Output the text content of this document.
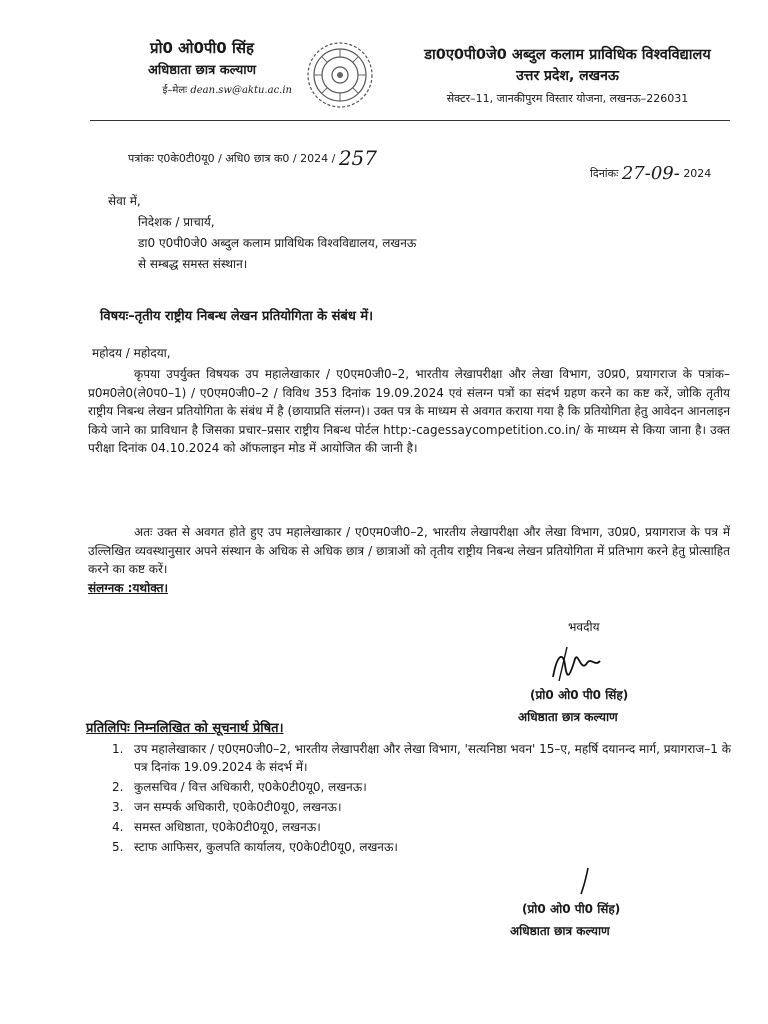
प्रो0 ओ0पी0 सिंह
अधिष्ठाता छात्र कल्याण
ई–मेलः dean.sw@aktu.ac.in
डा0ए0पी0जे0 अब्दुल कलाम प्राविधिक विश्वविद्यालय
उत्तर प्रदेश, लखनऊ
सेक्टर–11, जानकीपुरम विस्तार योजना, लखनऊ–226031
पत्रांकः ए0के0टी0यू0 / अधि0 छात्र क0 / 2024 / 257
दिनांकः 27-09- 2024
सेवा में,
निदेशक / प्राचार्य,
डा0 ए0पी0जे0 अब्दुल कलाम प्राविधिक विश्वविद्यालय, लखनऊ
से सम्बद्ध समस्त संस्थान।
विषयः–तृतीय राष्ट्रीय निबन्ध लेखन प्रतियोगिता के संबंध में।
महोदय / महोदया,
कृपया उपर्युक्त विषयक उप महालेखाकार / ए0एम0जी0–2, भारतीय लेखापरीक्षा और लेखा विभाग, उ0प्र0, प्रयागराज के पत्रांक–प्र0म0ले0(ले0प0–1) / ए0एम0जी0–2 / विविध 353 दिनांक 19.09.2024 एवं संलग्न पत्रों का संदर्भ ग्रहण करने का कष्ट करें, जोकि तृतीय राष्ट्रीय निबन्ध लेखन प्रतियोगिता के संबंध में है (छायाप्रति संलग्न)। उक्त पत्र के माध्यम से अवगत कराया गया है कि प्रतियोगिता हेतु आवेदन आनलाइन किये जाने का प्राविधान है जिसका प्रचार–प्रसार राष्ट्रीय निबन्ध पोर्टल http:-cagessaycompetition.co.in/ के माध्यम से किया जाना है। उक्त परीक्षा दिनांक 04.10.2024 को ऑफलाइन मोड में आयोजित की जानी है।
अतः उक्त से अवगत होते हुए उप महालेखाकार / ए0एम0जी0–2, भारतीय लेखापरीक्षा और लेखा विभाग, उ0प्र0, प्रयागराज के पत्र में उल्लिखित व्यवस्थानुसार अपने संस्थान के अधिक से अधिक छात्र / छात्राओं को तृतीय राष्ट्रीय निबन्ध लेखन प्रतियोगिता में प्रतिभाग करने हेतु प्रोत्साहित करने का कष्ट करें।
संलग्नक :यथोक्त।
भवदीय
(प्रो0 ओ0 पी0 सिंह)
अधिष्ठाता छात्र कल्याण
प्रतिलिपिः निम्नलिखित को सूचनार्थ प्रेषित।
1. उप महालेखाकार / ए0एम0जी0–2, भारतीय लेखापरीक्षा और लेखा विभाग, 'सत्यनिष्ठा भवन' 15–ए, महर्षि दयानन्द मार्ग, प्रयागराज–1 के पत्र दिनांक 19.09.2024 के संदर्भ में।
2. कुलसचिव / वित्त अधिकारी, ए0के0टी0यू0, लखनऊ।
3. जन सम्पर्क अधिकारी, ए0के0टी0यू0, लखनऊ।
4. समस्त अधिष्ठाता, ए0के0टी0यू0, लखनऊ।
5. स्टाफ आफिसर, कुलपति कार्यालय, ए0के0टी0यू0, लखनऊ।
(प्रो0 ओ0 पी0 सिंह)
अधिष्ठाता छात्र कल्याण
